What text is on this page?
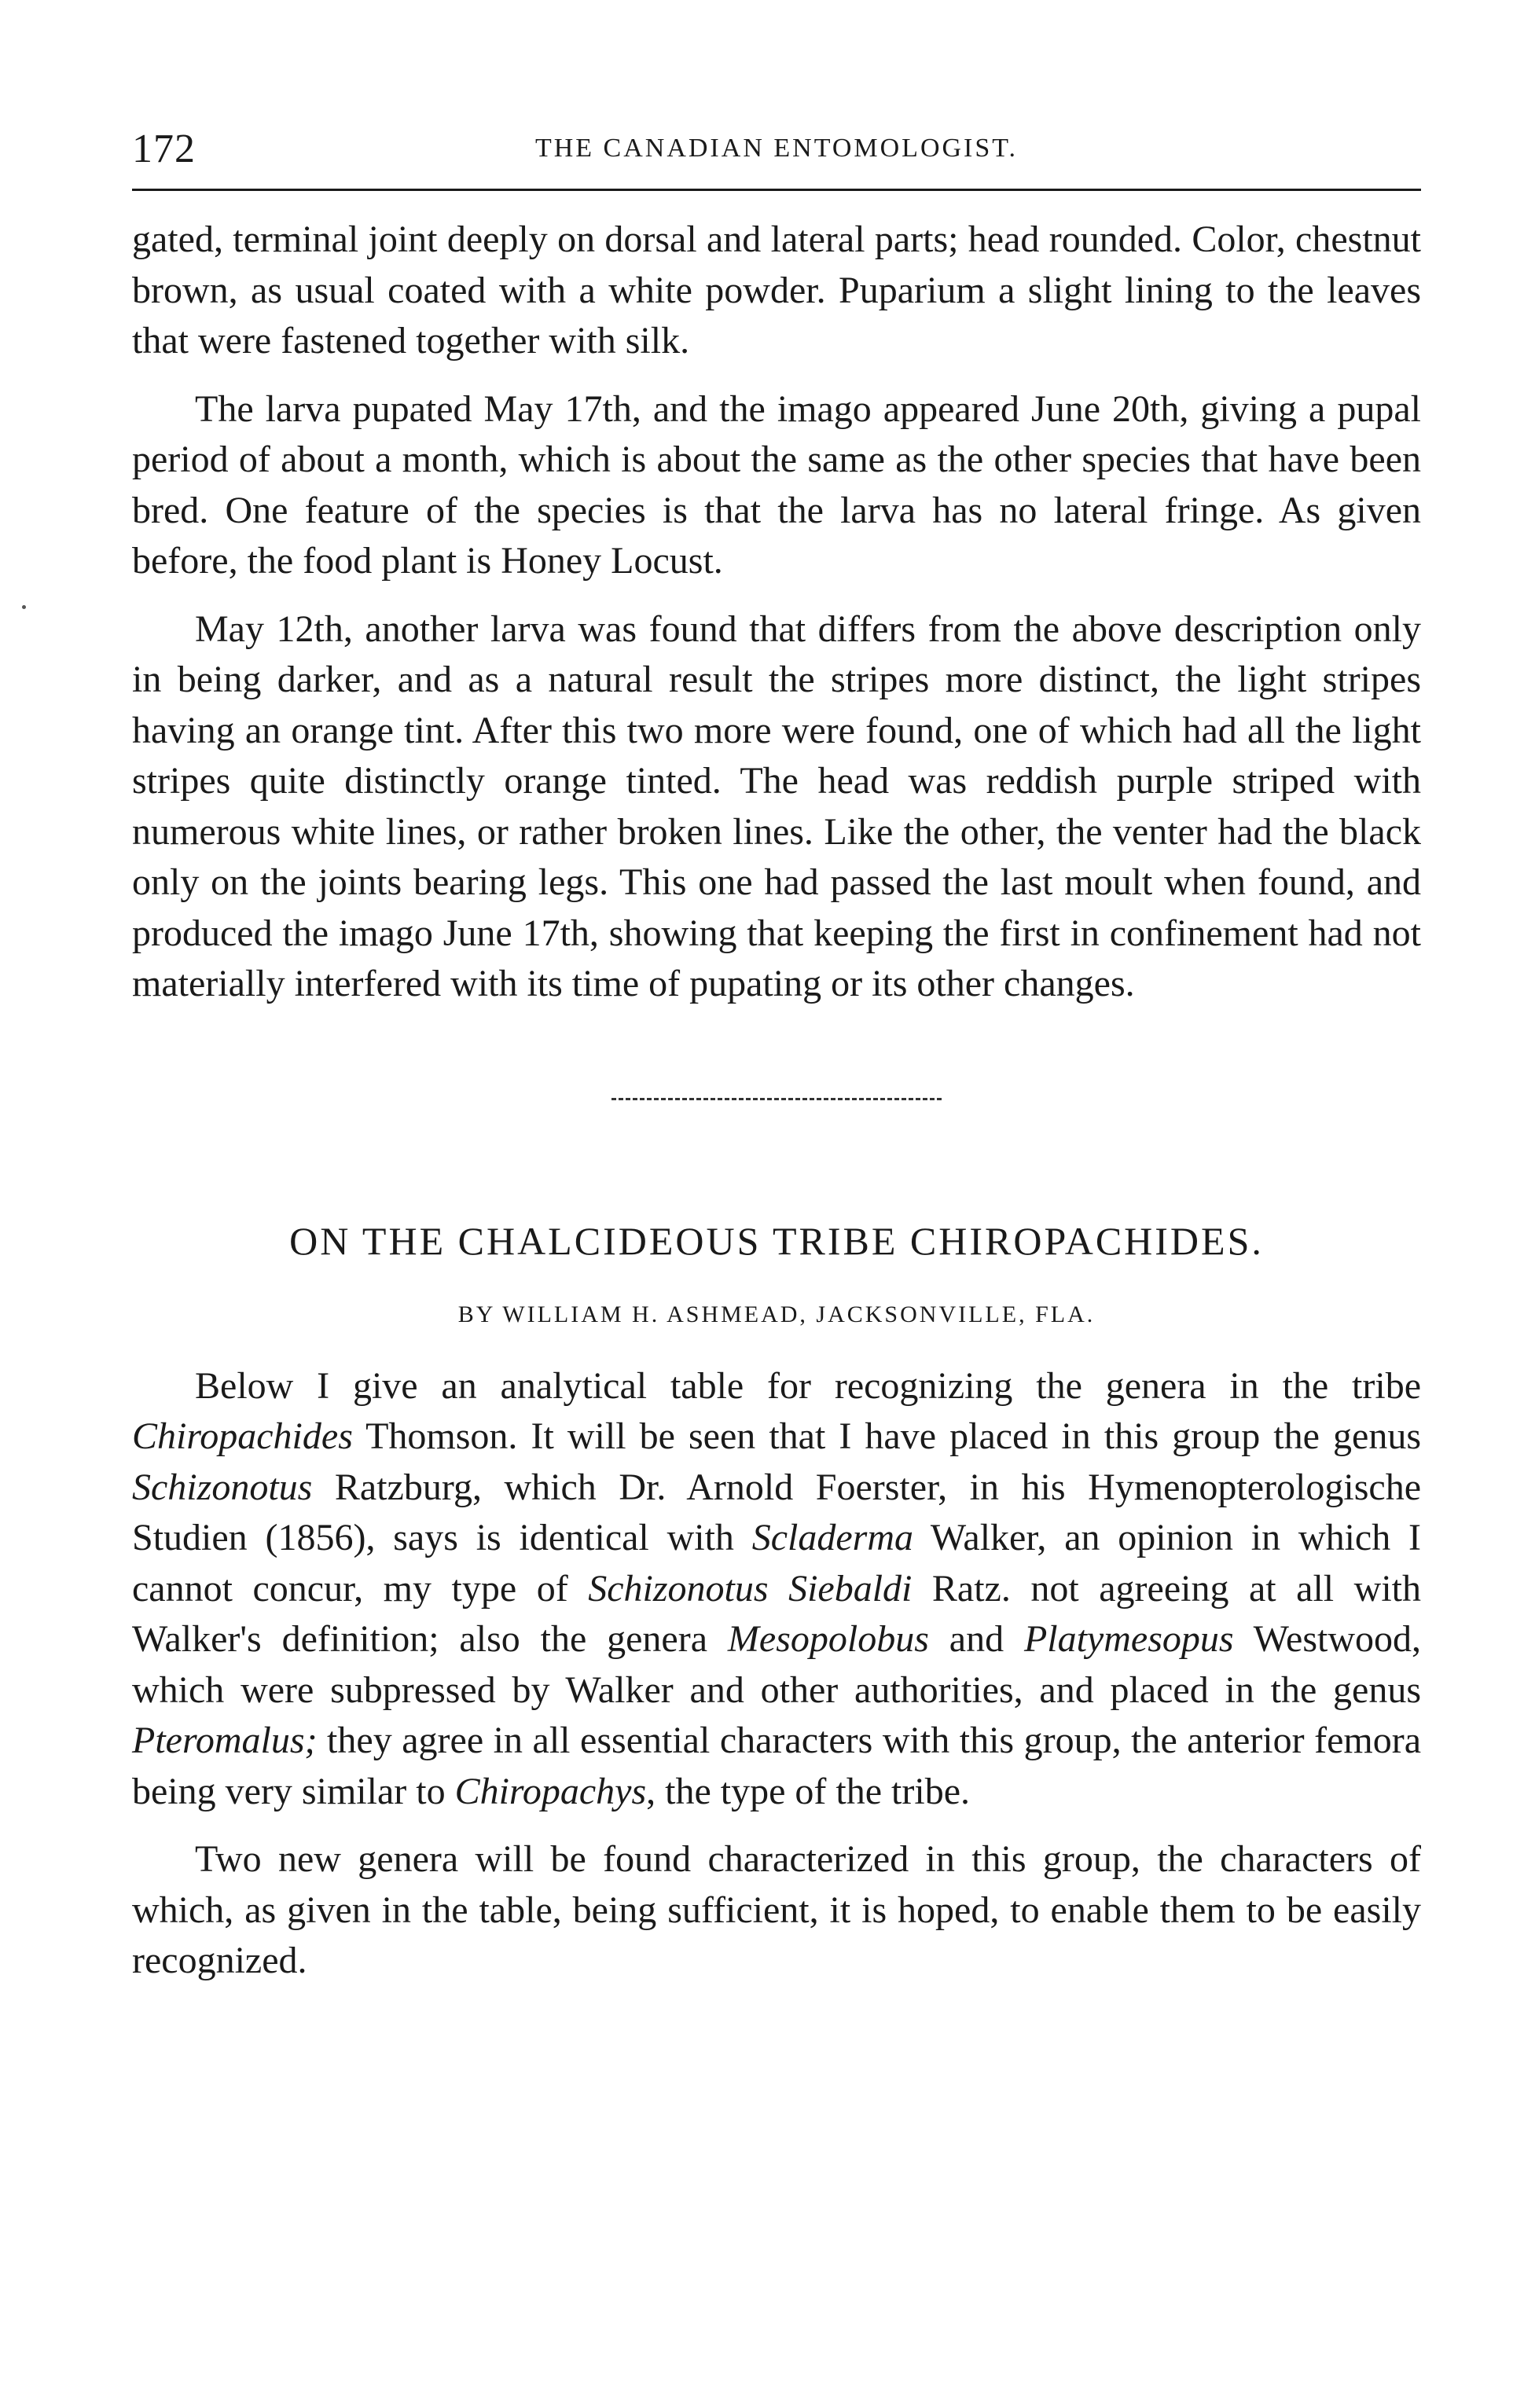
172	THE CANADIAN ENTOMOLOGIST.

gated, terminal joint deeply on dorsal and lateral parts; head rounded. Color, chestnut brown, as usual coated with a white powder. Puparium a slight lining to the leaves that were fastened together with silk.

The larva pupated May 17th, and the imago appeared June 20th, giving a pupal period of about a month, which is about the same as the other species that have been bred. One feature of the species is that the larva has no lateral fringe. As given before, the food plant is Honey Locust.

May 12th, another larva was found that differs from the above description only in being darker, and as a natural result the stripes more distinct, the light stripes having an orange tint. After this two more were found, one of which had all the light stripes quite distinctly orange tinted. The head was reddish purple striped with numerous white lines, or rather broken lines. Like the other, the venter had the black only on the joints bearing legs. This one had passed the last moult when found, and produced the imago June 17th, showing that keeping the first in confinement had not materially interfered with its time of pupating or its other changes.

ON THE CHALCIDEOUS TRIBE CHIROPACHIDES.
BY WILLIAM H. ASHMEAD, JACKSONVILLE, FLA.

Below I give an analytical table for recognizing the genera in the tribe Chiropachides Thomson. It will be seen that I have placed in this group the genus Schizonotus Ratzburg, which Dr. Arnold Foerster, in his Hymenopterologische Studien (1856), says is identical with Scladerma Walker, an opinion in which I cannot concur, my type of Schizonotus Siebaldi Ratz. not agreeing at all with Walker's definition; also the genera Mesopolobus and Platymesopus Westwood, which were subpressed by Walker and other authorities, and placed in the genus Pteromalus; they agree in all essential characters with this group, the anterior femora being very similar to Chiropachys, the type of the tribe.

Two new genera will be found characterized in this group, the characters of which, as given in the table, being sufficient, it is hoped, to enable them to be easily recognized.
